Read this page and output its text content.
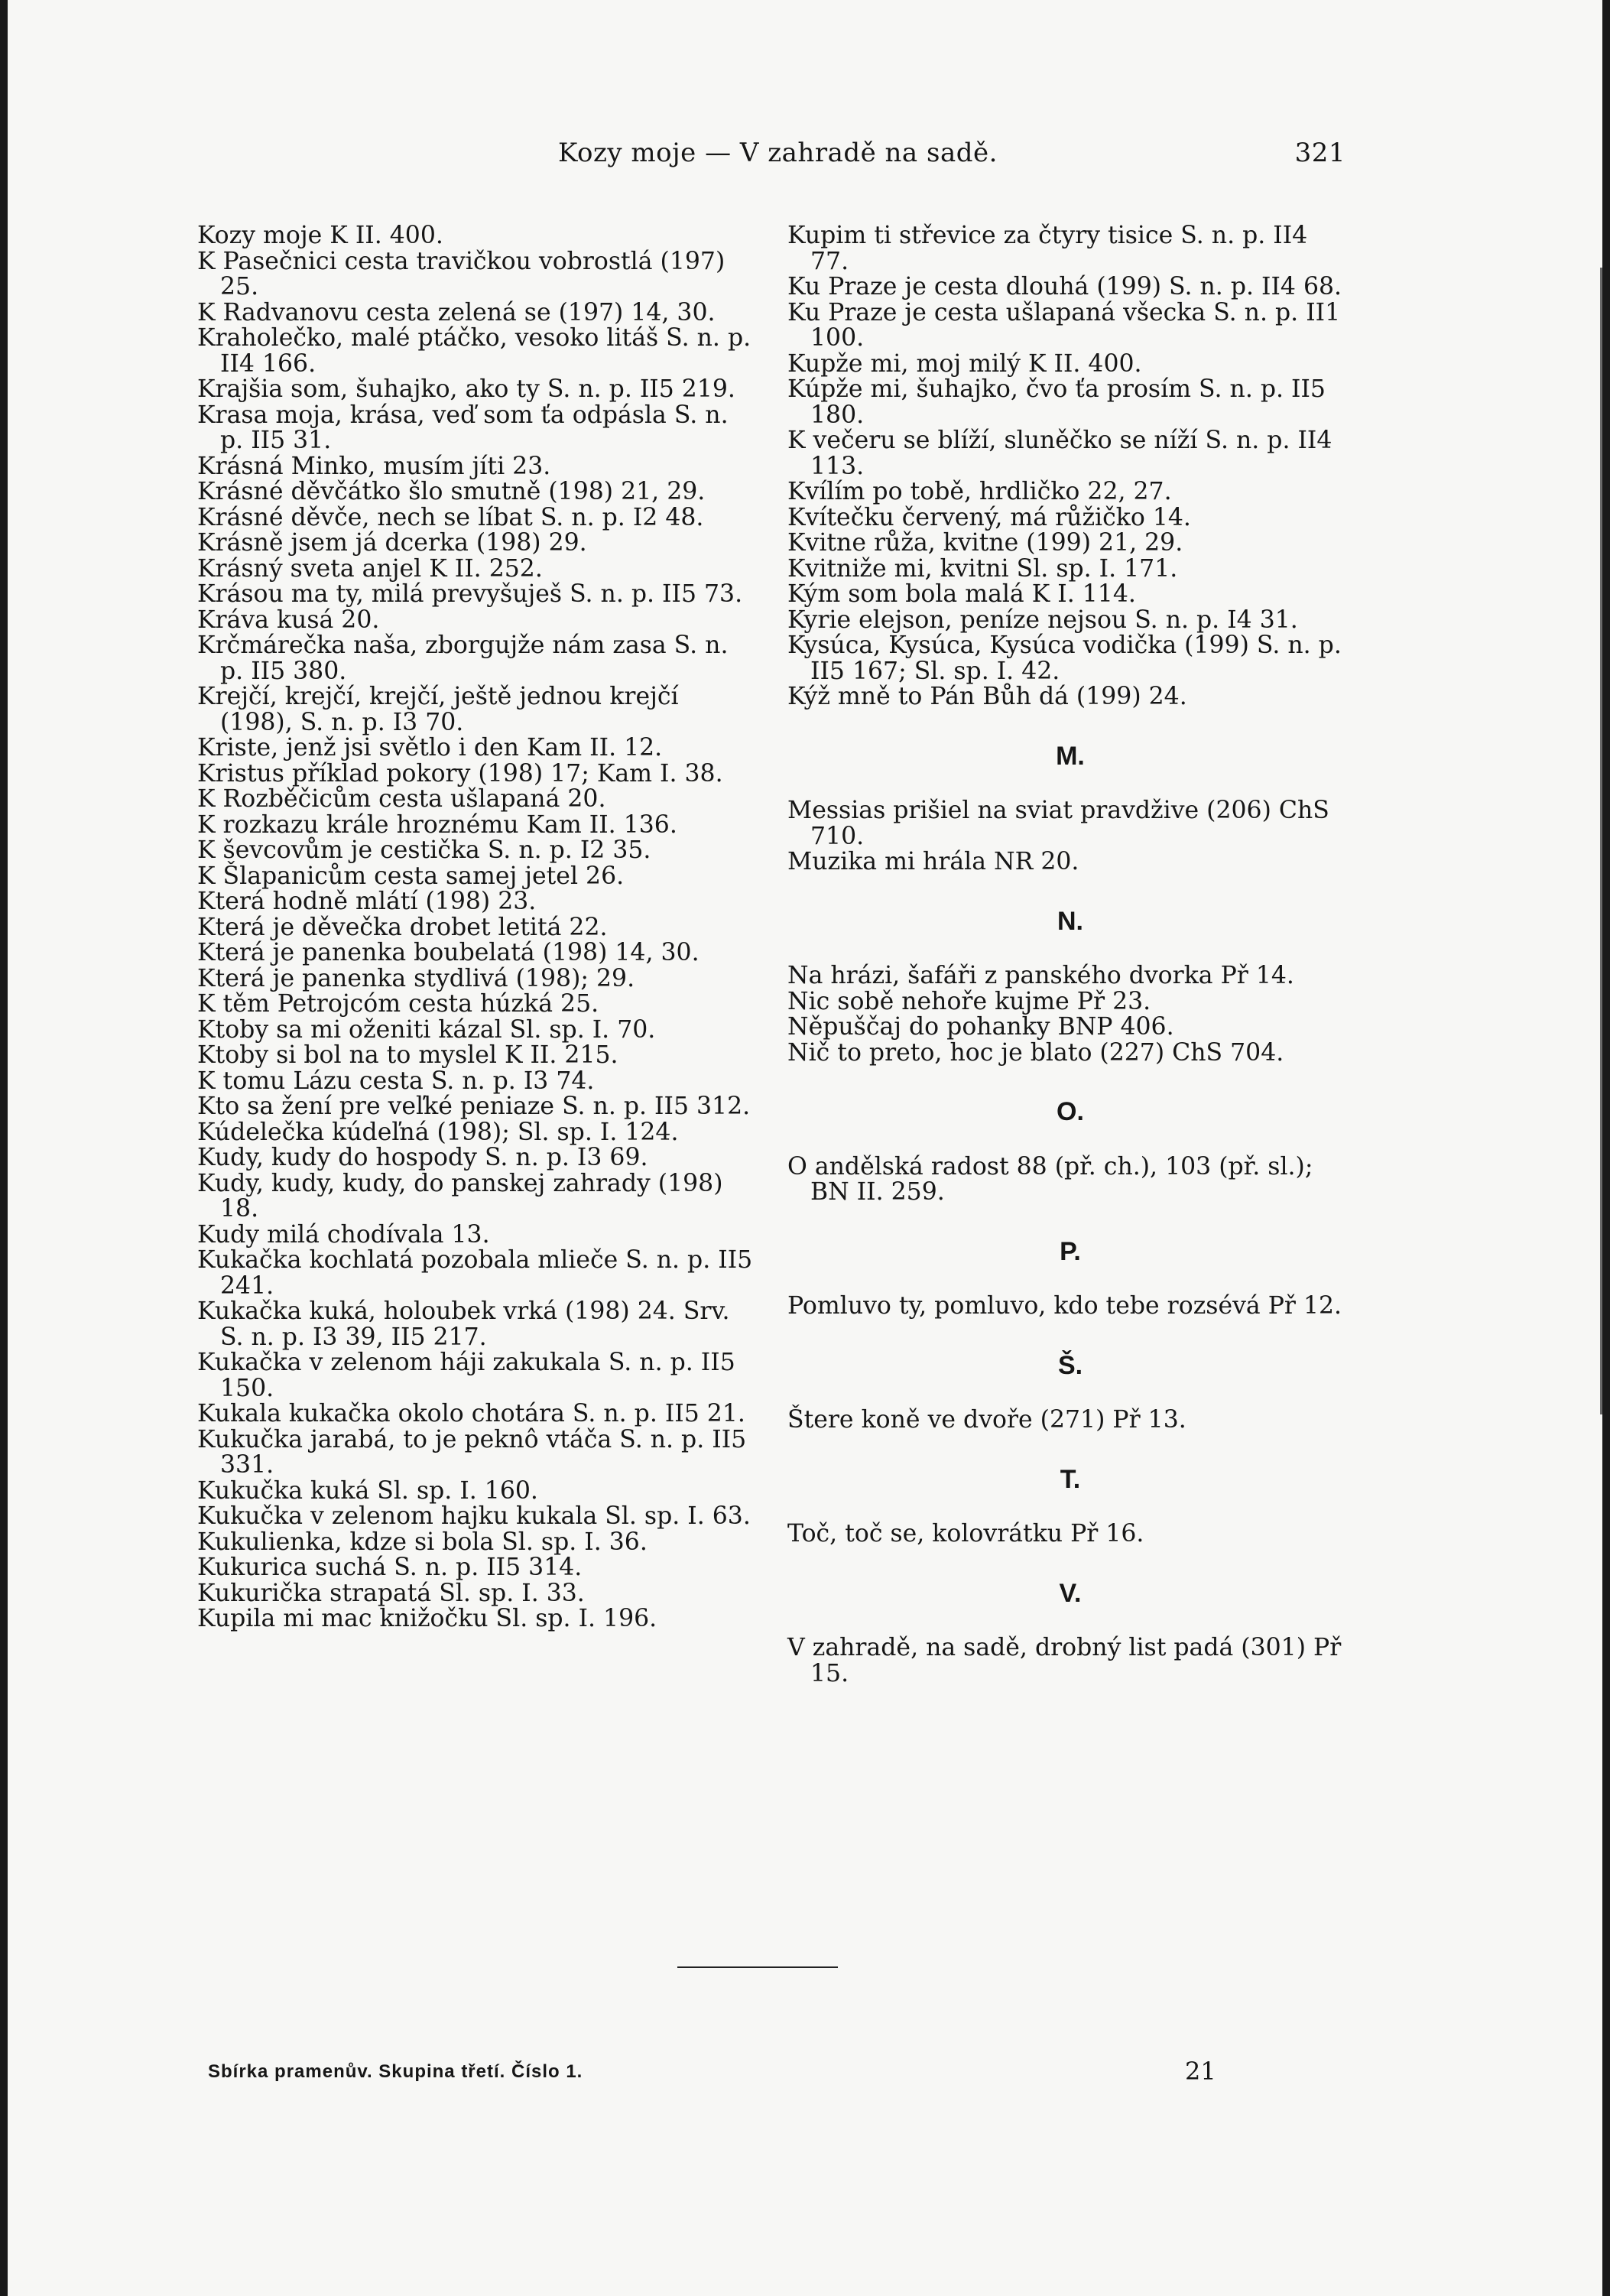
Kozy moje — V zahradě na sadě.	321

Kozy moje K II. 400.

K Pasečnici cesta travičkou vobrostlá (197) 25.

K Radvanovu cesta zelená se (197) 14, 30.

Kraholečko, malé ptáčko, vesoko litáš S. n. p. II4 166.

Krajšia som, šuhajko, ako ty S. n. p. II5 219.

Krasa moja, krása, veď som ťa odpásla S. n. p. II5 31.

Krásná Minko, musím jíti 23.

Krásné děvčátko šlo smutně (198) 21, 29.

Krásné děvče, nech se líbat S. n. p. I2 48.

Krásně jsem já dcerka (198) 29.

Krásný sveta anjel K II. 252.

Krásou ma ty, milá prevyšuješ S. n. p. II5 73.

Kráva kusá 20.

Krčmárečka naša, zborgujže nám zasa S. n. p. II5 380.

Krejčí, krejčí, krejčí, ještě jednou krejčí (198), S. n. p. I3 70.

Kriste, jenž jsi světlo i den Kam II. 12.

Kristus příklad pokory (198) 17; Kam I. 38.

K Rozběčicům cesta ušlapaná 20.

K rozkazu krále hroznému Kam II. 136.

K ševcovům je cestička S. n. p. I2 35.

K Šlapanicům cesta samej jetel 26.

Která hodně mlátí (198) 23.

Která je děvečka drobet letitá 22.

Která je panenka boubelatá (198) 14, 30.

Která je panenka stydlivá (198); 29.

K těm Petrojcóm cesta húzká 25.

Ktoby sa mi oženiti kázal Sl. sp. I. 70.

Ktoby si bol na to myslel K II. 215.

K tomu Lázu cesta S. n. p. I3 74.

Kto sa žení pre veľké peniaze S. n. p. II5 312.

Kúdelečka kúdeľná (198); Sl. sp. I. 124.

Kudy, kudy do hospody S. n. p. I3 69.

Kudy, kudy, kudy, do panskej zahrady (198) 18.

Kudy milá chodívala 13.

Kukačka kochlatá pozobala mlieče S. n. p. II5 241.

Kukačka kuká, holoubek vrká (198) 24. Srv. S. n. p. I3 39, II5 217.

Kukačka v zelenom háji zakukala S. n. p. II5 150.

Kukala kukačka okolo chotára S. n. p. II5 21.

Kukučka jarabá, to je peknô vtáča S. n. p. II5 331.

Kukučka kuká Sl. sp. I. 160.

Kukučka v zelenom hajku kukala Sl. sp. I. 63.

Kukulienka, kdze si bola Sl. sp. I. 36.

Kukurica suchá S. n. p. II5 314.

Kukurička strapatá Sl. sp. I. 33.

Kupila mi mac knižočku Sl. sp. I. 196.

Kupim ti střevice za čtyry tisice S. n. p. II4 77.

Ku Praze je cesta dlouhá (199) S. n. p. II4 68.

Ku Praze je cesta ušlapaná všecka S. n. p. II1 100.

Kupže mi, moj milý K II. 400.

Kúpže mi, šuhajko, čvo ťa prosím S. n. p. II5 180.

K večeru se blíží, sluněčko se níží S. n. p. II4 113.

Kvílím po tobě, hrdličko 22, 27.

Kvítečku červený, má růžičko 14.

Kvitne růža, kvitne (199) 21, 29.

Kvitniže mi, kvitni Sl. sp. I. 171.

Kým som bola malá K I. 114.

Kyrie elejson, peníze nejsou S. n. p. I4 31.

Kysúca, Kysúca, Kysúca vodička (199) S. n. p. II5 167; Sl. sp. I. 42.

Kýž mně to Pán Bůh dá (199) 24.

M.

Messias prišiel na sviat pravdžive (206) ChS 710.

Muzika mi hrála NR 20.

N.

Na hrázi, šafáři z panského dvorka Př 14.

Nic sobě nehoře kujme Př 23.

Něpuščaj do pohanky BNP 406.

Nič to preto, hoc je blato (227) ChS 704.

O.

O andělská radost 88 (př. ch.), 103 (př. sl.); BN II. 259.

P.

Pomluvo ty, pomluvo, kdo tebe rozsévá Př 12.

Š.

Štere koně ve dvoře (271) Př 13.

T.

Toč, toč se, kolovrátku Př 16.

V.

V zahradě, na sadě, drobný list padá (301) Př 15.

Sbírka pramenův. Skupina třetí. Číslo 1.	21
